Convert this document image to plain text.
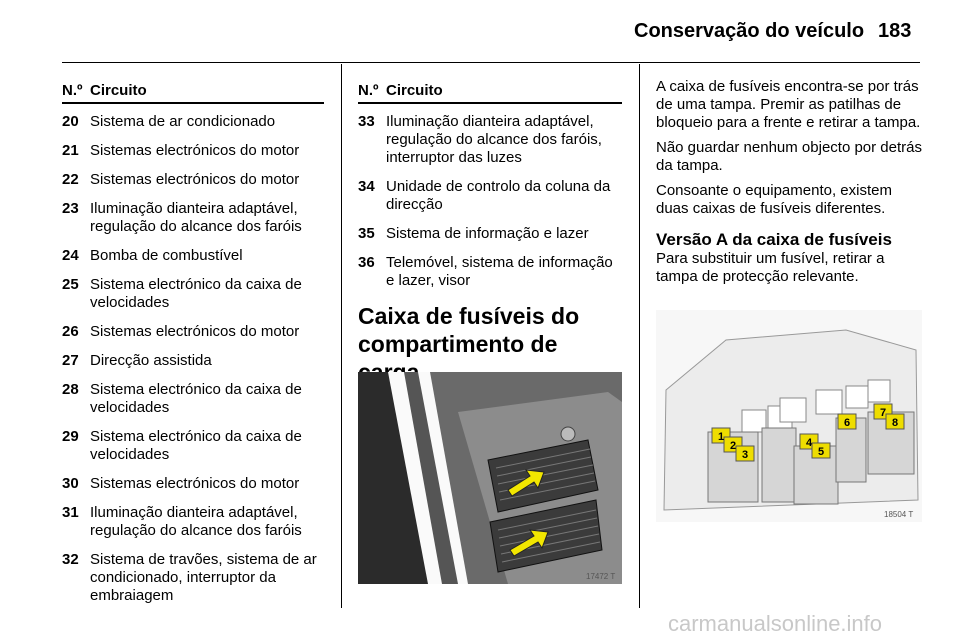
Conservação do veículo 183
N.º Circuito
20 Sistema de ar condicionado
21 Sistemas electrónicos do motor
22 Sistemas electrónicos do motor
23 Iluminação dianteira adaptável, regulação do alcance dos faróis
24 Bomba de combustível
25 Sistema electrónico da caixa de velocidades
26 Sistemas electrónicos do motor
27 Direcção assistida
28 Sistema electrónico da caixa de velocidades
29 Sistema electrónico da caixa de velocidades
30 Sistemas electrónicos do motor
31 Iluminação dianteira adaptável, regulação do alcance dos faróis
32 Sistema de travões, sistema de ar condicionado, interruptor da embraiagem
N.º Circuito
33 Iluminação dianteira adaptável, regulação do alcance dos faróis, interruptor das luzes
34 Unidade de controlo da coluna da direcção
35 Sistema de informação e lazer
36 Telemóvel, sistema de informação e lazer, visor
Caixa de fusíveis do compartimento de
17472 T

A caixa de fusíveis encontra-se por trás de uma tampa. Premir as patilhas de bloqueio para a frente e retirar a tampa.

Não guardar nenhum objecto por detrás da tampa.

Consoante o equipamento, existem duas caixas de fusíveis diferentes.

Versão A da caixa de fusíveis

Para substituir um fusível, retirar a tampa de protecção relevante.

1
2
3
4
5
6
7
8
18504 T
carmanualsonline.info
